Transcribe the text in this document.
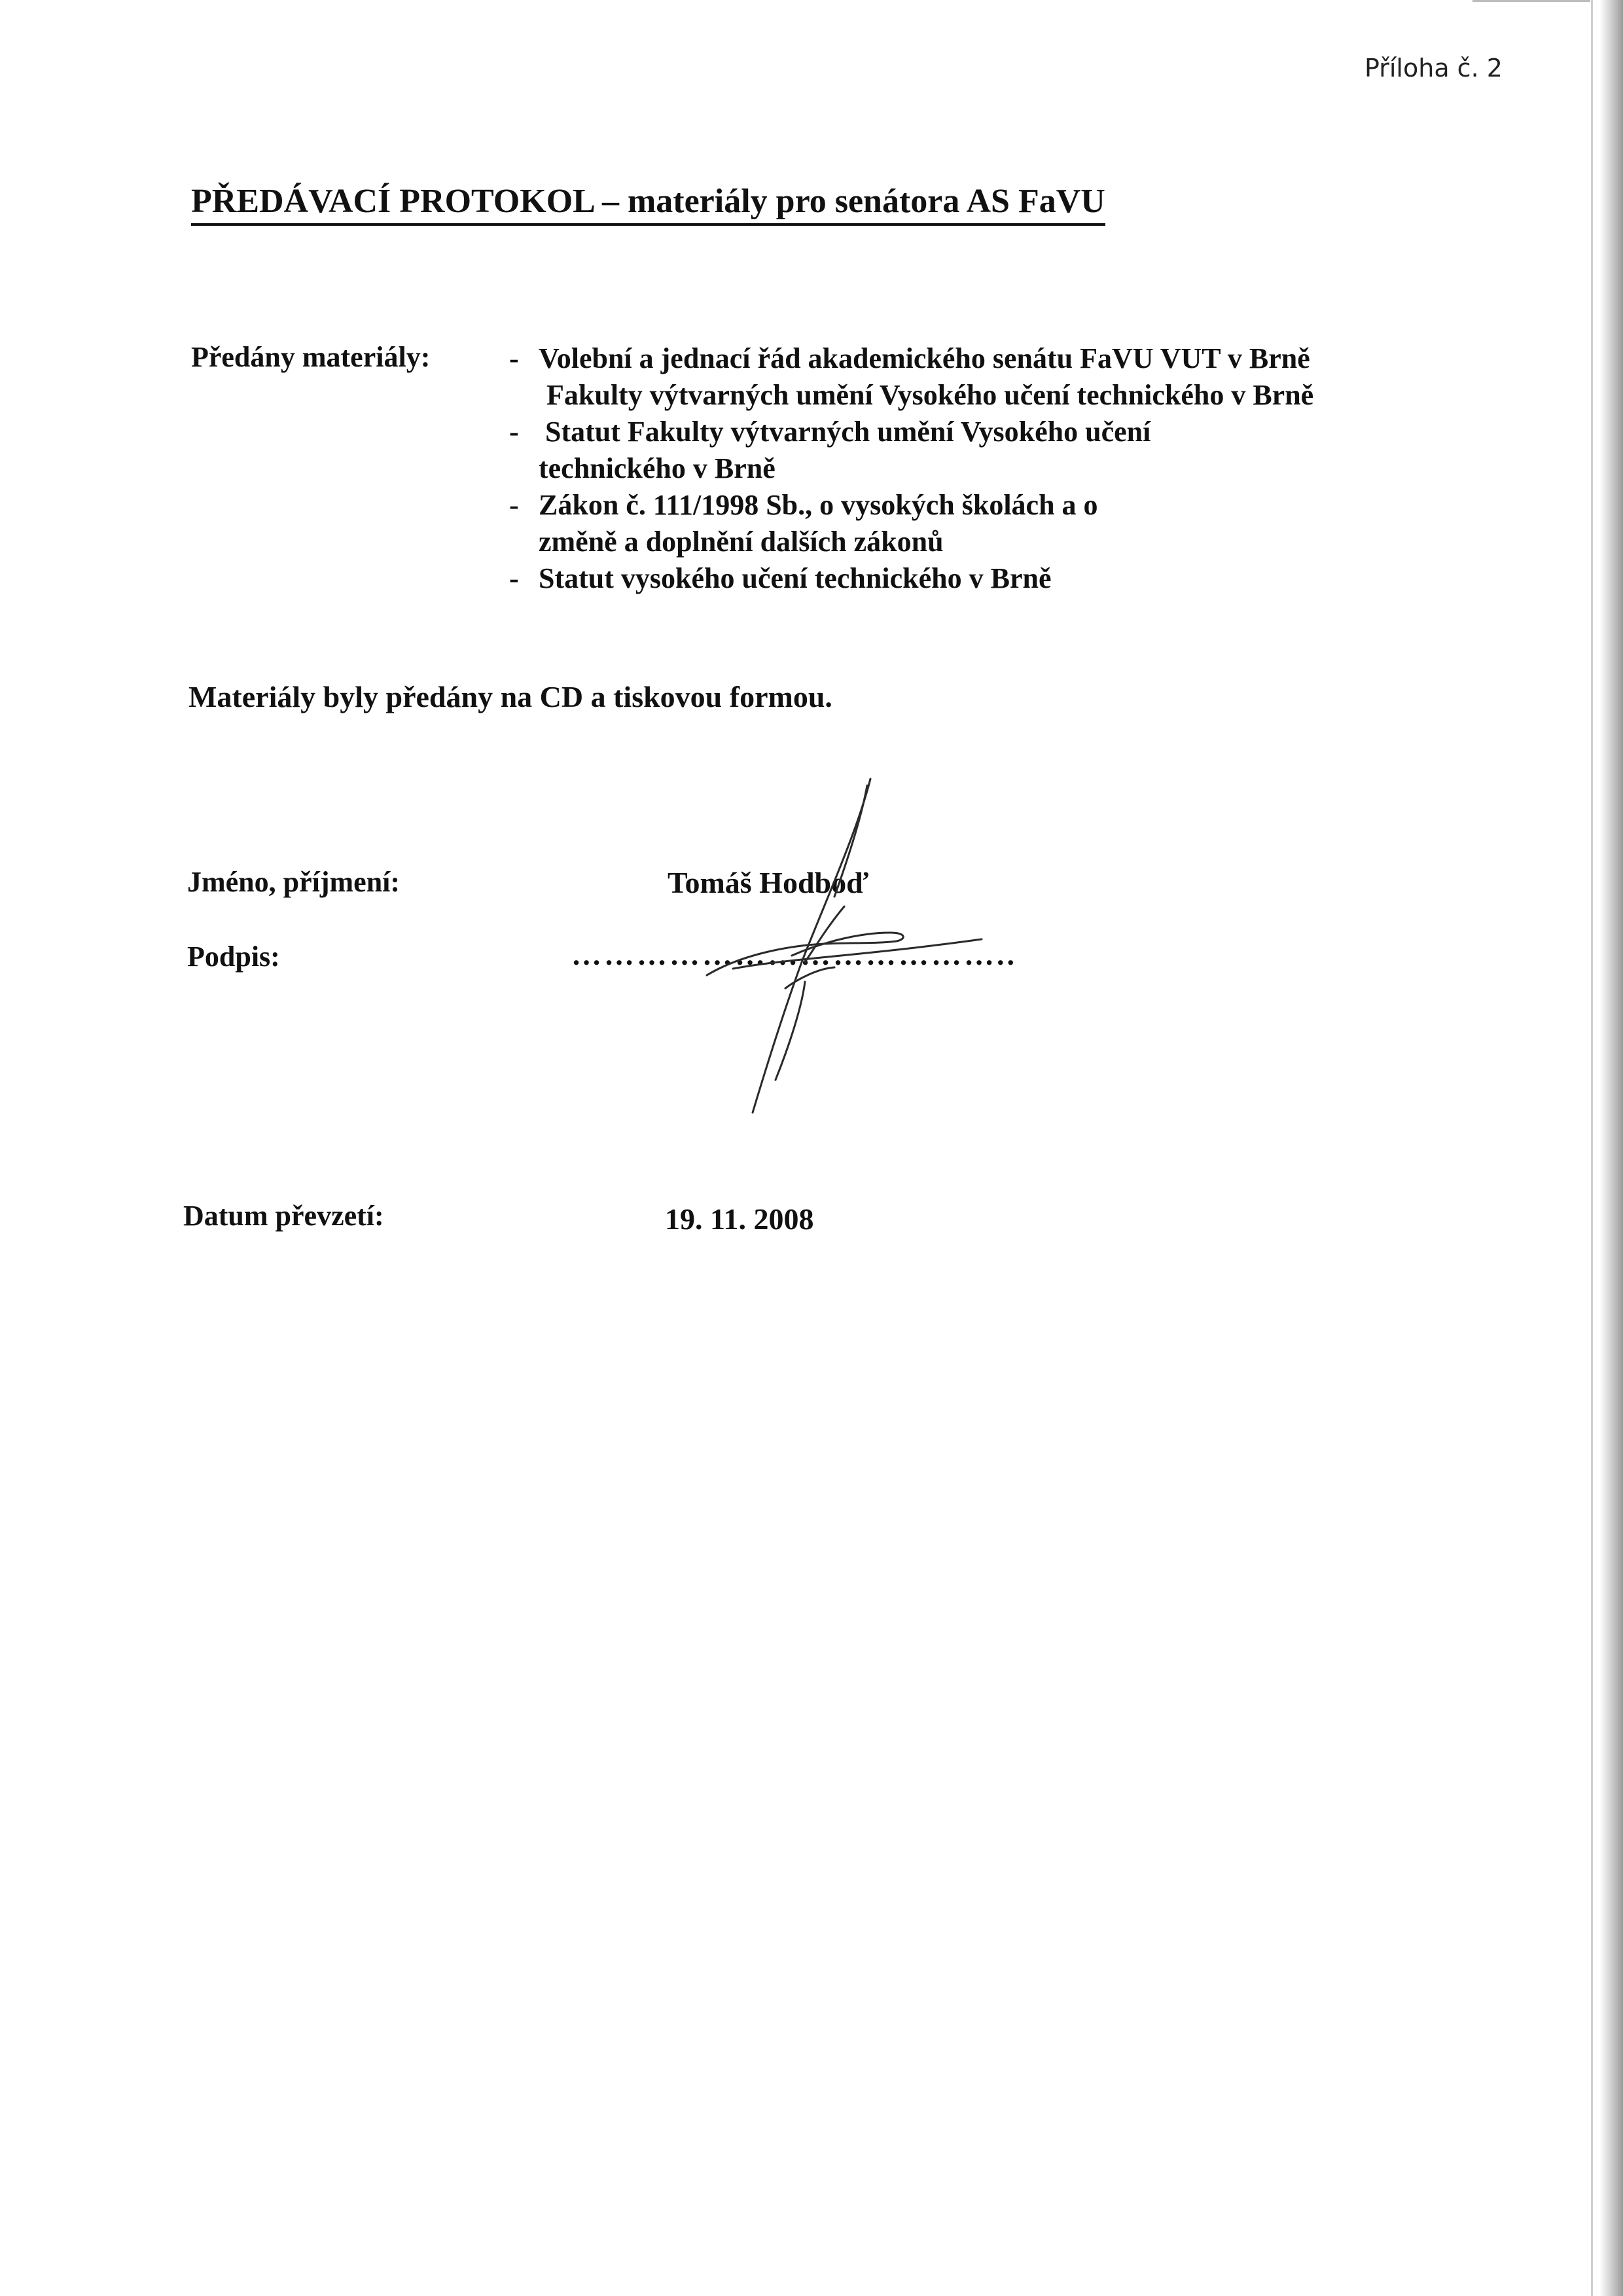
Příloha č. 2
PŘEDÁVACÍ PROTOKOL – materiály pro senátora AS FaVU
Předány materiály:	- Volební a jednací řád akademického senátu FaVU VUT v Brně
Fakulty výtvarných umění Vysokého učení technického v Brně
- Statut Fakulty výtvarných umění Vysokého učení
technického v Brně
- Zákon č. 111/1998 Sb., o vysokých školách a o
změně a doplnění dalších zákonů
- Statut vysokého učení technického v Brně
Materiály byly předány na CD a tiskovou formou.
Jméno, příjmení:	Tomáš Hodboď
Podpis:	…………………………………..
Datum převzetí:	19. 11. 2008
